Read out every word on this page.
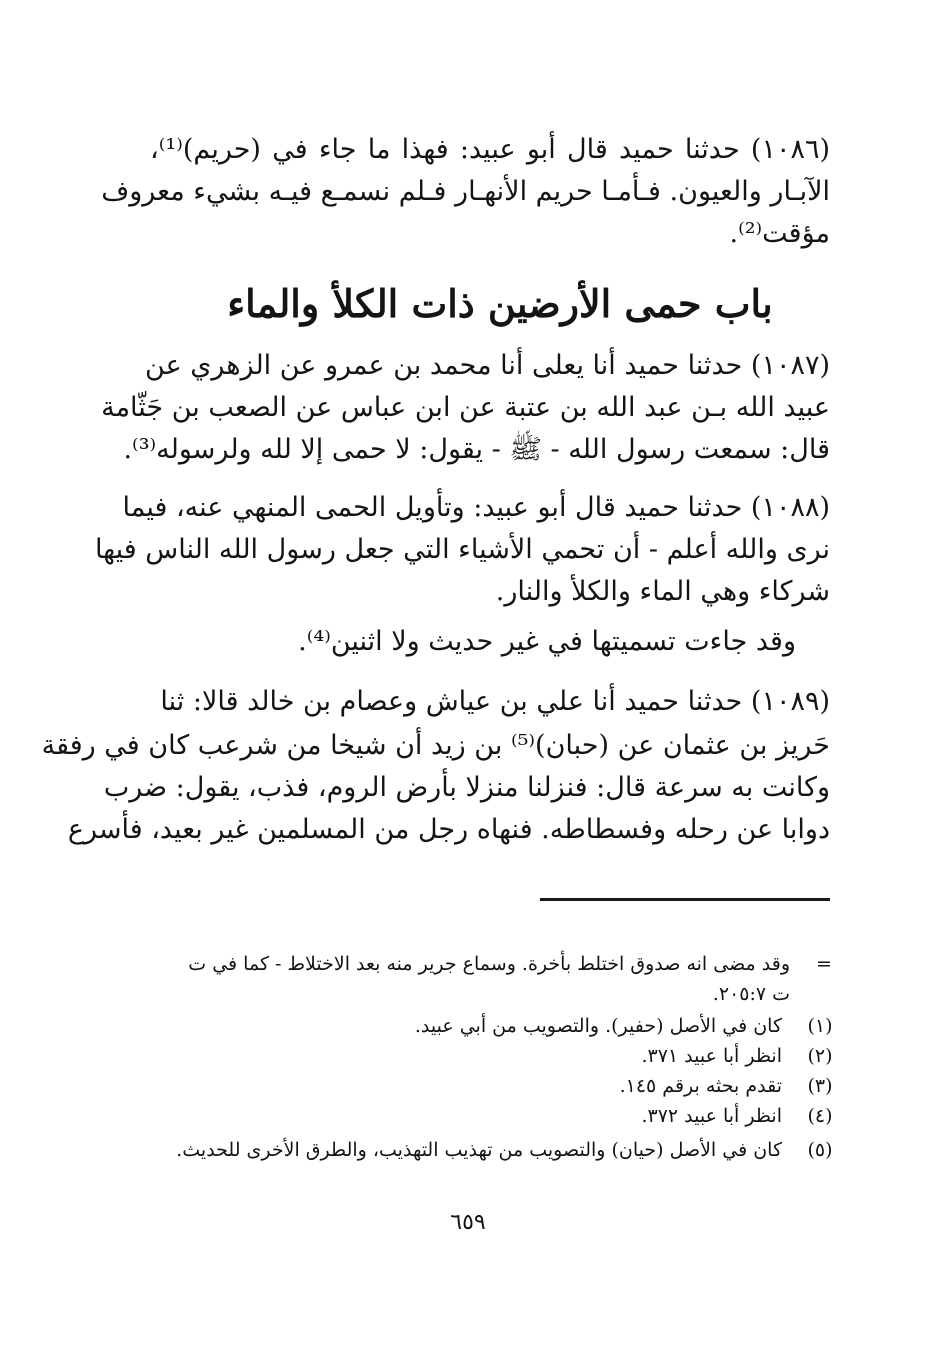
(١٠٨٦) حدثنا حميد قال أبو عبيد: فهذا ما جاء في (حريم)⁽¹⁾،
الآبـار والعيون. فـأمـا حريم الأنهـار فـلم نسمـع فيـه بشيء معروف
مؤقت⁽²⁾.
باب حمى الأرضين ذات الكلأ والماء
(١٠٨٧) حدثنا حميد أنا يعلى أنا محمد بن عمرو عن الزهري عن
عبيد الله بـن عبد الله بن عتبة عن ابن عباس عن الصعب بن جَثّامة
قال: سمعت رسول الله - ﷺ - يقول: لا حمى إلا لله ولرسوله⁽³⁾.
(١٠٨٨) حدثنا حميد قال أبو عبيد: وتأويل الحمى المنهي عنه، فيما
نرى والله أعلم - أن تحمي الأشياء التي جعل رسول الله الناس فيها
شركاء وهي الماء والكلأ والنار.
وقد جاءت تسميتها في غير حديث ولا اثنين⁽⁴⁾.
(١٠٨٩) حدثنا حميد أنا علي بن عياش وعصام بن خالد قالا: ثنا
حَريز بن عثمان عن (حبان)⁽⁵⁾ بن زيد أن شيخا من شرعب كان في رفقة
وكانت به سرعة قال: فنزلنا منزلا بأرض الروم، فذب، يقول: ضرب
دوابا عن رحله وفسطاطه. فنهاه رجل من المسلمين غير بعيد، فأسرع
=
وقد مضى انه صدوق اختلط بأخرة. وسماع جرير منه بعد الاختلاط - كما في ت
ت ٢٠٥:٧.
(١)
كان في الأصل (حفير). والتصويب من أبي عبيد.
(٢)
انظر أبا عبيد ٣٧١.
(٣)
تقدم بحثه برقم ١٤٥.
(٤)
انظر أبا عبيد ٣٧٢.
(٥)
كان في الأصل (حيان) والتصويب من تهذيب التهذيب، والطرق الأخرى للحديث.
٦٥٩
